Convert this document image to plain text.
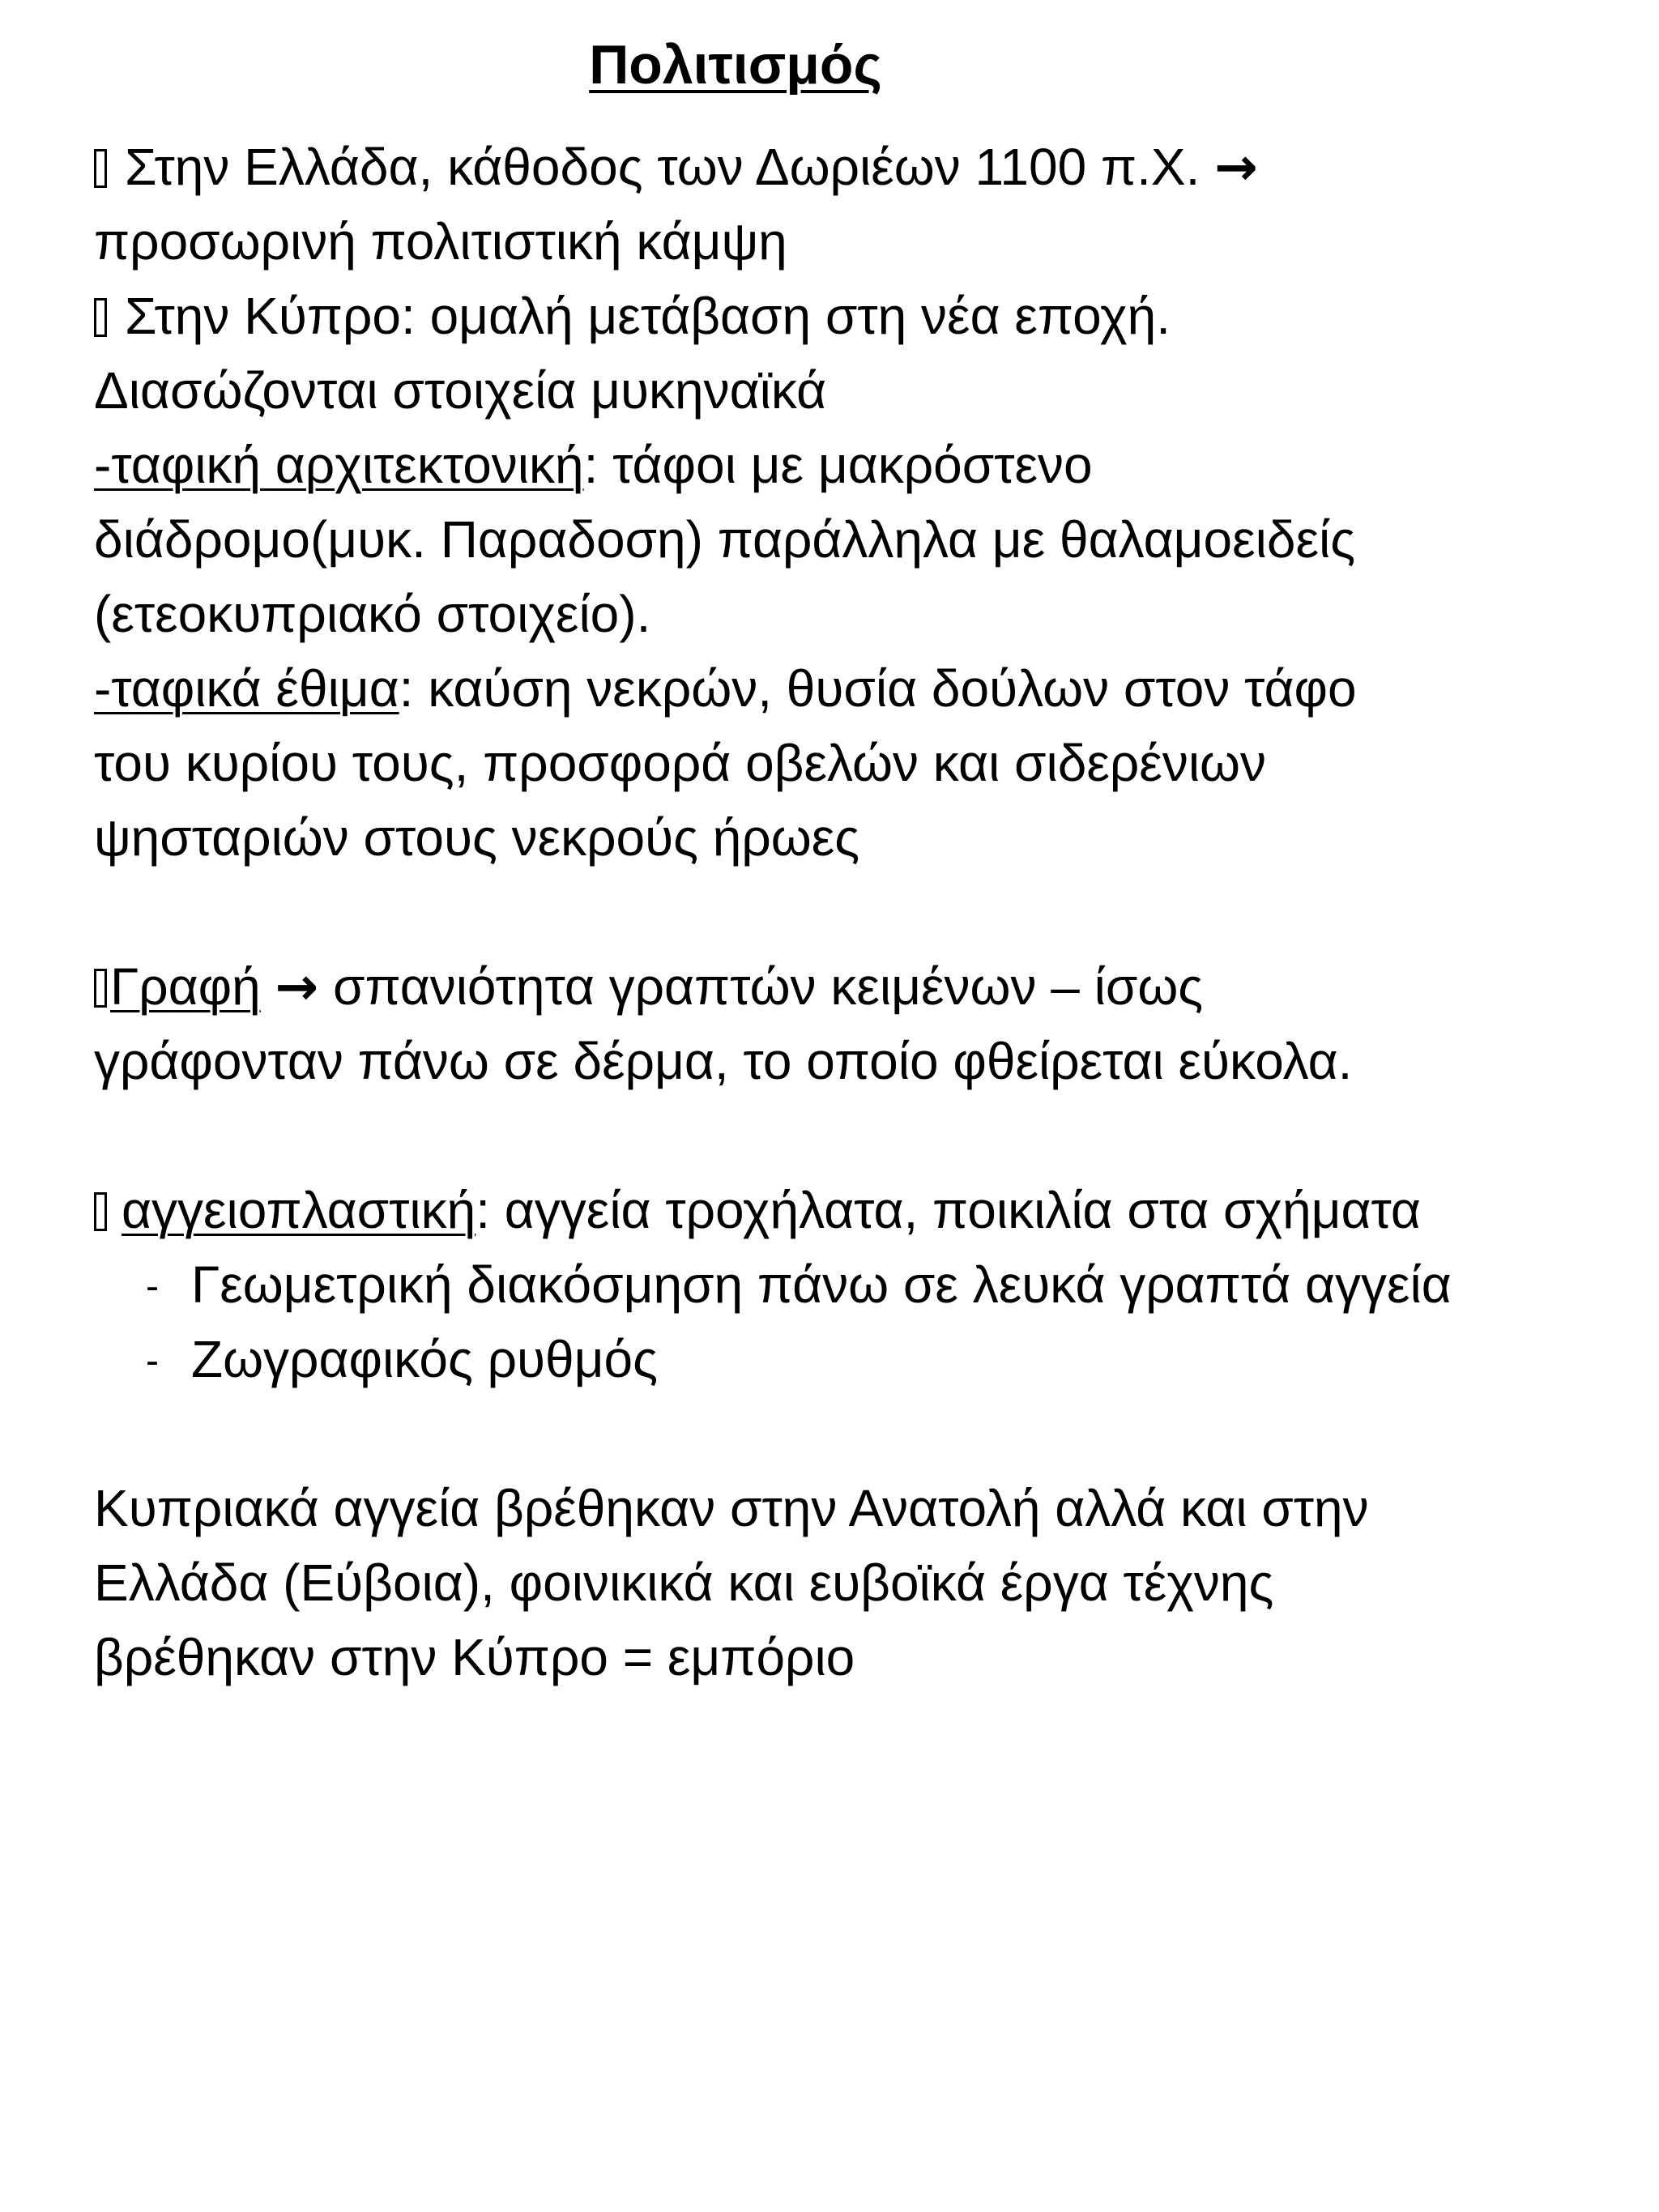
Πολιτισμός
Στην Ελλάδα, κάθοδος των Δωριέων 1100 π.Χ. →
προσωρινή πολιτιστική κάμψη
Στην Κύπρο: ομαλή μετάβαση στη νέα εποχή.
Διασώζονται στοιχεία μυκηναϊκά
-ταφική αρχιτεκτονική: τάφοι με μακρόστενο
διάδρομο(μυκ. Παραδοση) παράλληλα με θαλαμοειδείς
(ετεοκυπριακό στοιχείο).
-ταφικά έθιμα: καύση νεκρών, θυσία δούλων στον τάφο
του κυρίου τους, προσφορά οβελών και σιδερένιων
ψησταριών στους νεκρούς ήρωες
Γραφή → σπανιότητα γραπτών κειμένων – ίσως
γράφονταν πάνω σε δέρμα, το οποίο φθείρεται εύκολα.
αγγειοπλαστική: αγγεία τροχήλατα, ποικιλία στα σχήματα
- Γεωμετρική διακόσμηση πάνω σε λευκά γραπτά αγγεία
- Ζωγραφικός ρυθμός
Κυπριακά αγγεία βρέθηκαν στην Ανατολή αλλά και στην
Ελλάδα (Εύβοια), φοινικικά και ευβοϊκά έργα τέχνης
βρέθηκαν στην Κύπρο = εμπόριο
